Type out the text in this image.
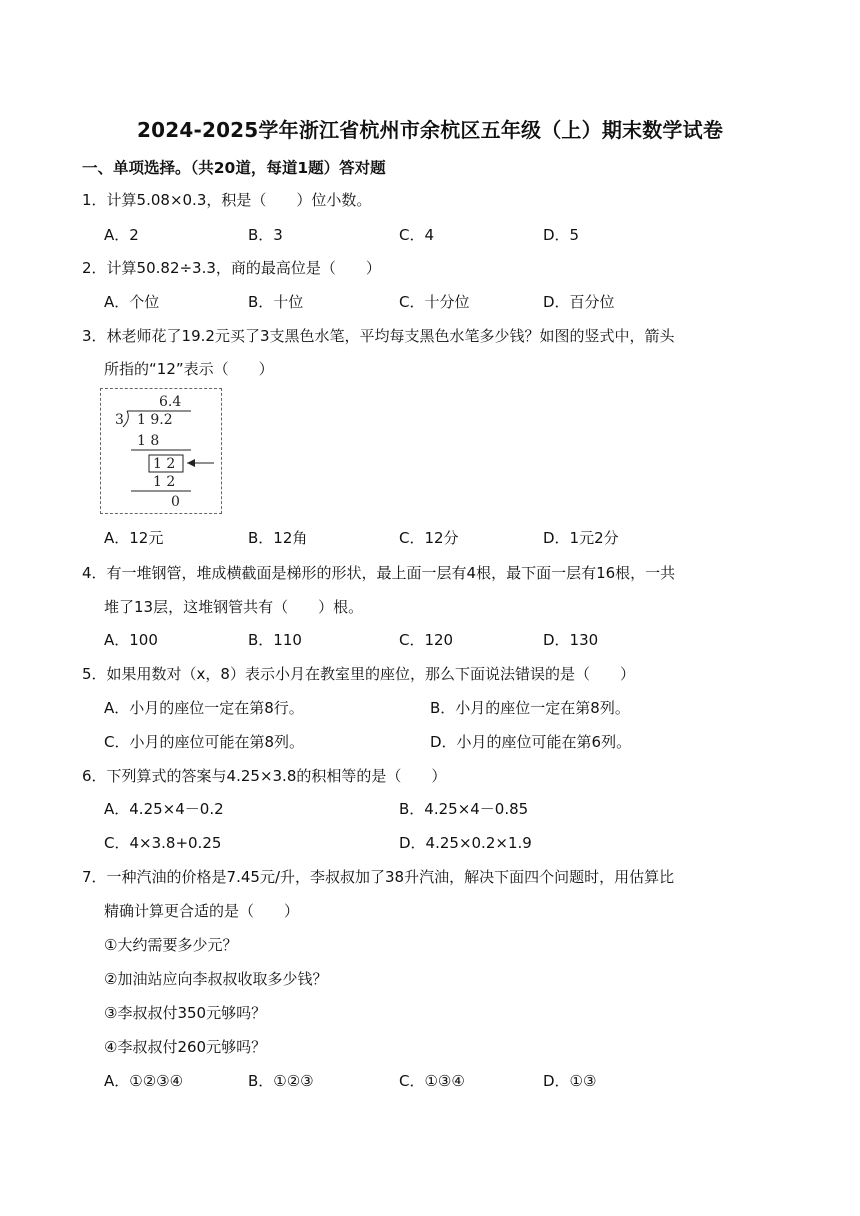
2024-2025学年浙江省杭州市余杭区五年级（上）期末数学试卷
一、单项选择。（共20道，每道1题）答对题
1．计算5.08×0.3，积是（　　）位小数。
A．2	B．3	C．4	D．5
2．计算50.82÷3.3，商的最高位是（　　）
A．个位	B．十位	C．十分位	D．百分位
3．林老师花了19.2元买了3支黑色水笔，平均每支黑色水笔多少钱？如图的竖式中，箭头
所指的“12”表示（　　）
6.4
3 1 9.2
1 8
1 2
1 2
0
A．12元	B．12角	C．12分	D．1元2分
4．有一堆钢管，堆成横截面是梯形的形状，最上面一层有4根，最下面一层有16根，一共
堆了13层，这堆钢管共有（　　）根。
A．100	B．110	C．120	D．130
5．如果用数对（x，8）表示小月在教室里的座位，那么下面说法错误的是（　　）
A．小月的座位一定在第8行。	B．小月的座位一定在第8列。
C．小月的座位可能在第8列。	D．小月的座位可能在第6列。
6．下列算式的答案与4.25×3.8的积相等的是（　　）
A．4.25×4－0.2	B．4.25×4－0.85
C．4×3.8+0.25	D．4.25×0.2×1.9
7．一种汽油的价格是7.45元/升，李叔叔加了38升汽油，解决下面四个问题时，用估算比
精确计算更合适的是（　　）
①大约需要多少元？
②加油站应向李叔叔收取多少钱？
③李叔叔付350元够吗？
④李叔叔付260元够吗？
A．①②③④	B．①②③	C．①③④	D．①③
